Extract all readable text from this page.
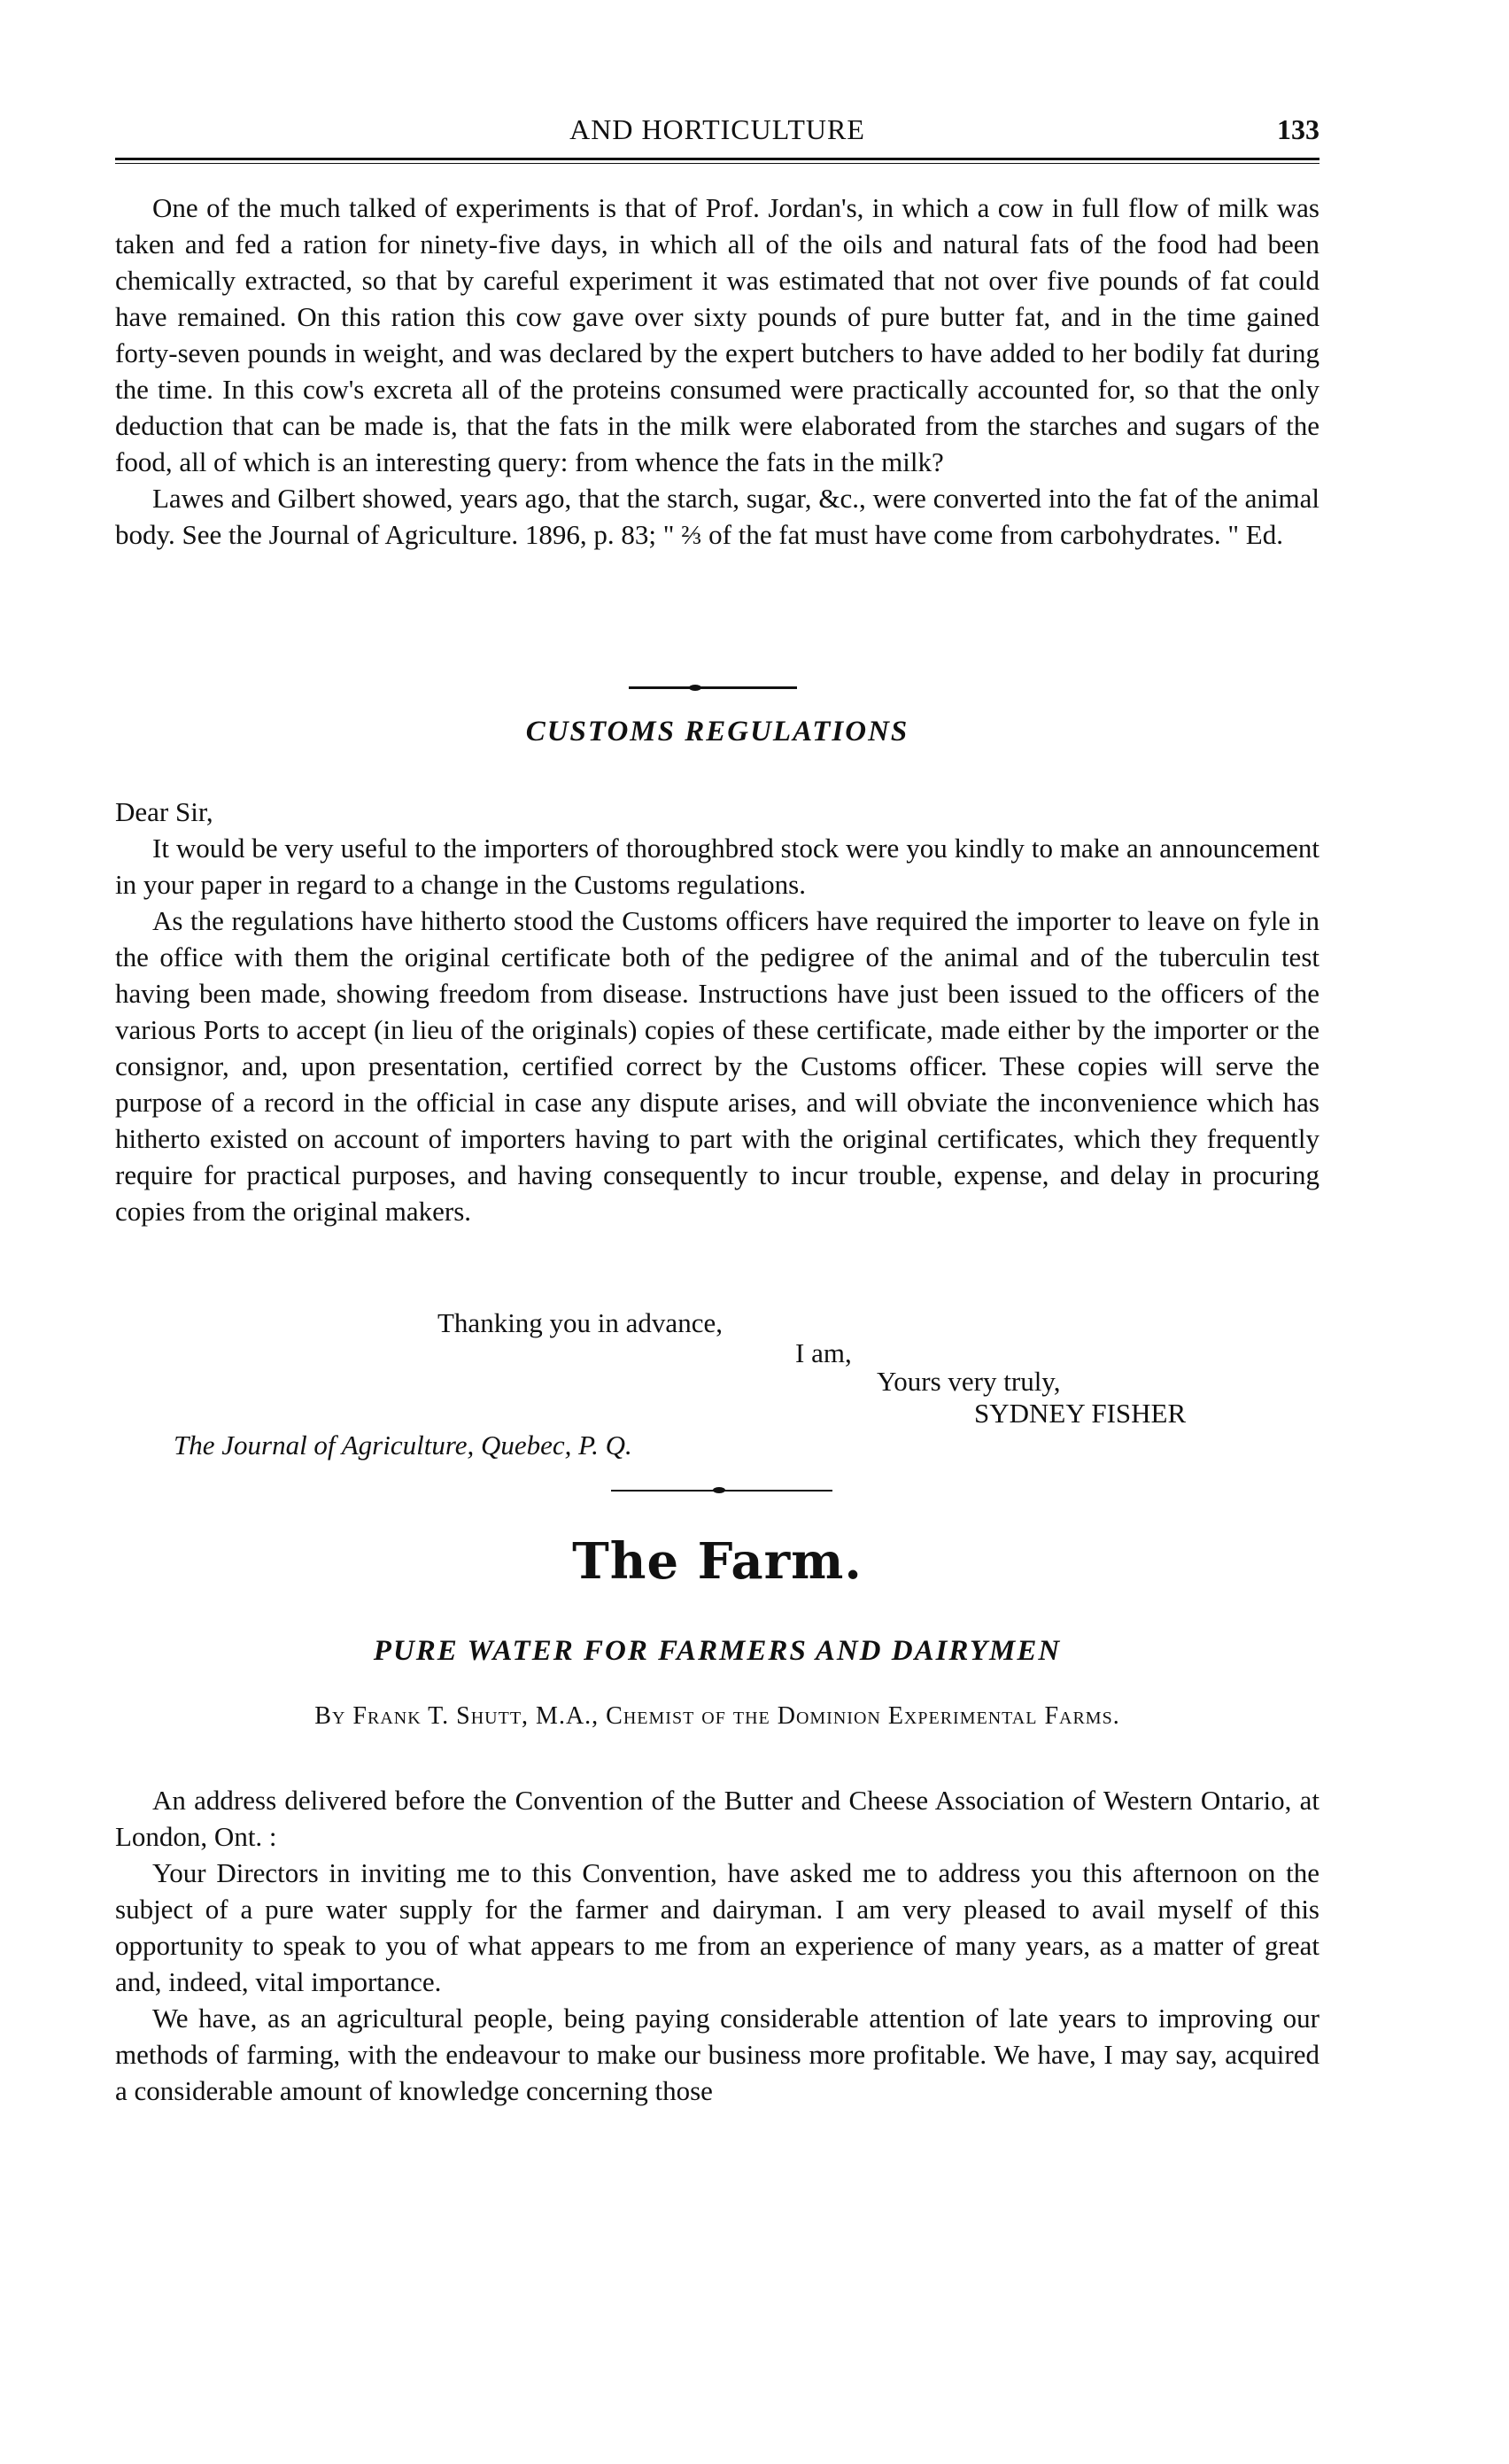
AND HORTICULTURE	133

One of the much talked of experiments is that of Prof. Jordan's, in which a cow in full flow of milk was taken and fed a ration for ninety-five days, in which all of the oils and natural fats of the food had been chemically extracted, so that by careful experiment it was estimated that not over five pounds of fat could have remained. On this ration this cow gave over sixty pounds of pure butter fat, and in the time gained forty-seven pounds in weight, and was declared by the expert butchers to have added to her bodily fat during the time. In this cow's excreta all of the proteins consumed were practically accounted for, so that the only deduction that can be made is, that the fats in the milk were elaborated from the starches and sugars of the food, all of which is an interesting query: from whence the fats in the milk?

Lawes and Gilbert showed, years ago, that the starch, sugar, &c., were converted into the fat of the animal body. See the Journal of Agriculture. 1896, p. 83; " ⅔ of the fat must have come from carbohydrates. " Ed.

CUSTOMS REGULATIONS

Dear Sir,

It would be very useful to the importers of thoroughbred stock were you kindly to make an announcement in your paper in regard to a change in the Customs regulations.

As the regulations have hitherto stood the Customs officers have required the importer to leave on fyle in the office with them the original certificate both of the pedigree of the animal and of the tuberculin test having been made, showing freedom from disease. Instructions have just been issued to the officers of the various Ports to accept (in lieu of the originals) copies of these certificate, made either by the importer or the consignor, and, upon presentation, certified correct by the Customs officer. These copies will serve the purpose of a record in the official in case any dispute arises, and will obviate the inconvenience which has hitherto existed on account of importers having to part with the original certificates, which they frequently require for practical purposes, and having consequently to incur trouble, expense, and delay in procuring copies from the original makers.

Thanking you in advance,
I am,
Yours very truly,
SYDNEY FISHER
The Journal of Agriculture, Quebec, P. Q.
The Farm.
PURE WATER FOR FARMERS AND DAIRYMEN
By Frank T. Shutt, M.A., Chemist of the Dominion Experimental Farms.

An address delivered before the Convention of the Butter and Cheese Association of Western Ontario, at London, Ont. :

Your Directors in inviting me to this Convention, have asked me to address you this afternoon on the subject of a pure water supply for the farmer and dairyman. I am very pleased to avail myself of this opportunity to speak to you of what appears to me from an experience of many years, as a matter of great and, indeed, vital importance.

We have, as an agricultural people, being paying considerable attention of late years to improving our methods of farming, with the endeavour to make our business more profitable. We have, I may say, acquired a considerable amount of knowledge concerning those
